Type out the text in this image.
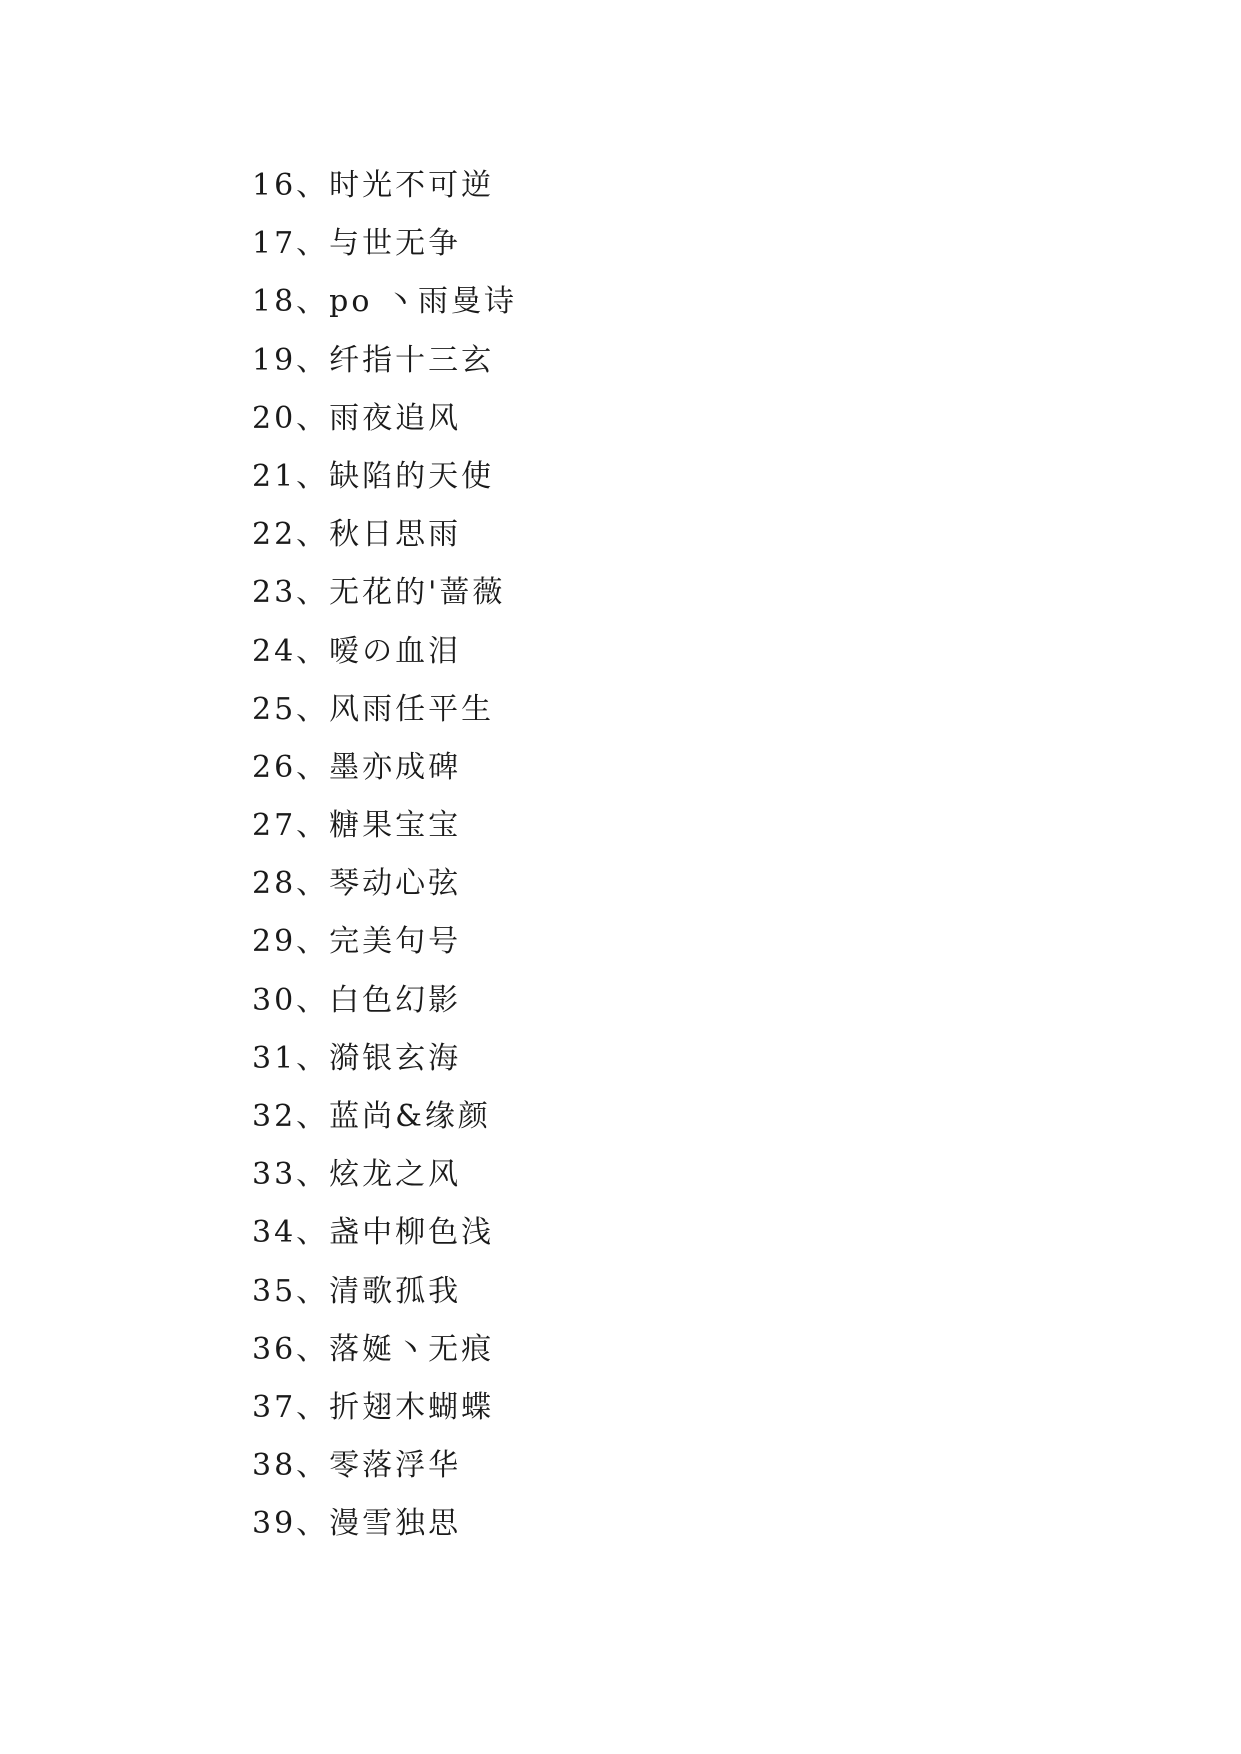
16、时光不可逆
17、与世无争
18、po 丶雨曼诗
19、纤指十三玄
20、雨夜追风
21、缺陷的天使
22、秋日思雨
23、无花的'蔷薇
24、嗳の血泪
25、风雨任平生
26、墨亦成碑
27、糖果宝宝
28、琴动心弦
29、完美句号
30、白色幻影
31、漪银玄海
32、蓝尚&缘颜
33、炫龙之风
34、盏中柳色浅
35、清歌孤我
36、落娫丶无痕
37、折翅木蝴蝶
38、零落浮华
39、漫雪独思
